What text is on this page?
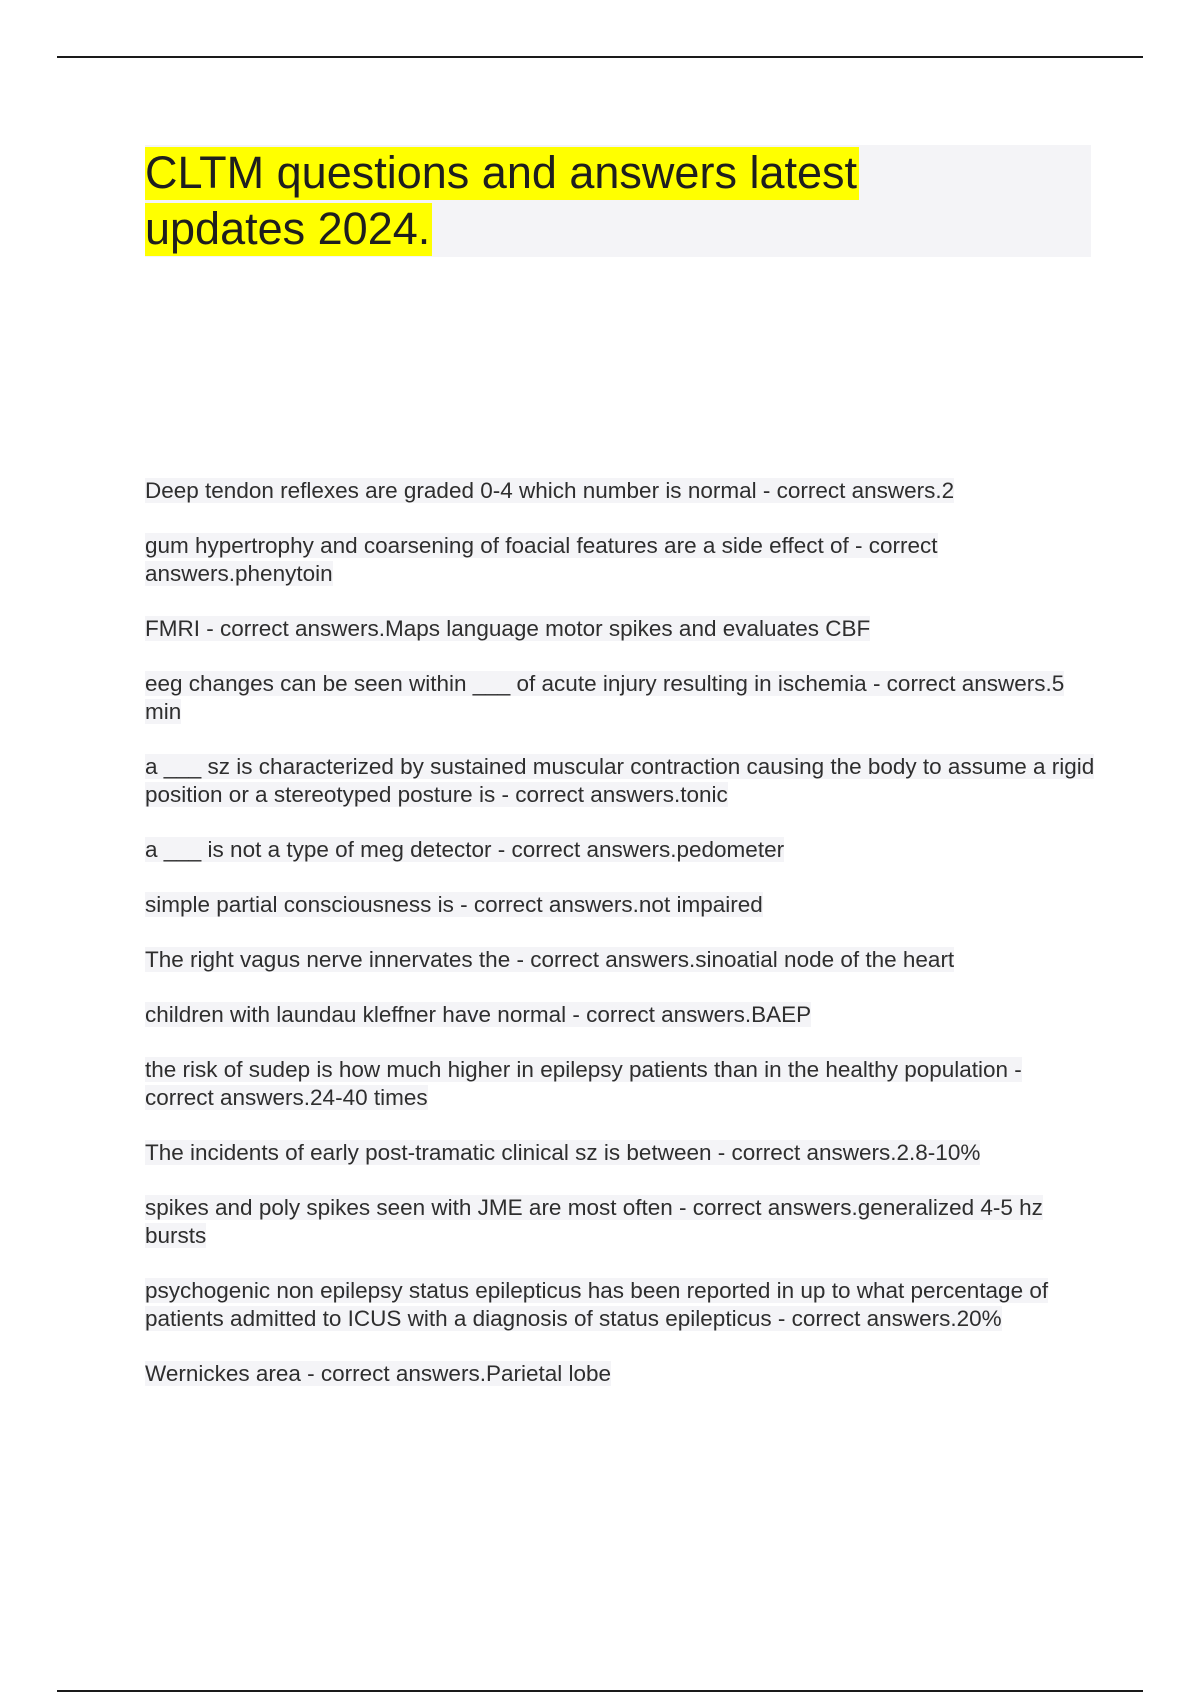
CLTM questions and answers latest updates 2024.
Deep tendon reflexes are graded 0-4 which number is normal - correct answers.2
gum hypertrophy and coarsening of foacial features are a side effect of - correct answers.phenytoin
FMRI - correct answers.Maps language motor spikes and evaluates CBF
eeg changes can be seen within ___ of acute injury resulting in ischemia - correct answers.5 min
a ___ sz is characterized by sustained muscular contraction causing the body to assume a rigid position or a stereotyped posture is - correct answers.tonic
a ___ is not a type of meg detector - correct answers.pedometer
simple partial consciousness is - correct answers.not impaired
The right vagus nerve innervates the - correct answers.sinoatial node of the heart
children with laundau kleffner have normal - correct answers.BAEP
the risk of sudep is how much higher in epilepsy patients than in the healthy population - correct answers.24-40 times
The incidents of early post-tramatic clinical sz is between - correct answers.2.8-10%
spikes and poly spikes seen with JME are most often - correct answers.generalized 4-5 hz bursts
psychogenic non epilepsy status epilepticus has been reported in up to what percentage of patients admitted to ICUS with a diagnosis of status epilepticus - correct answers.20%
Wernickes area - correct answers.Parietal lobe
